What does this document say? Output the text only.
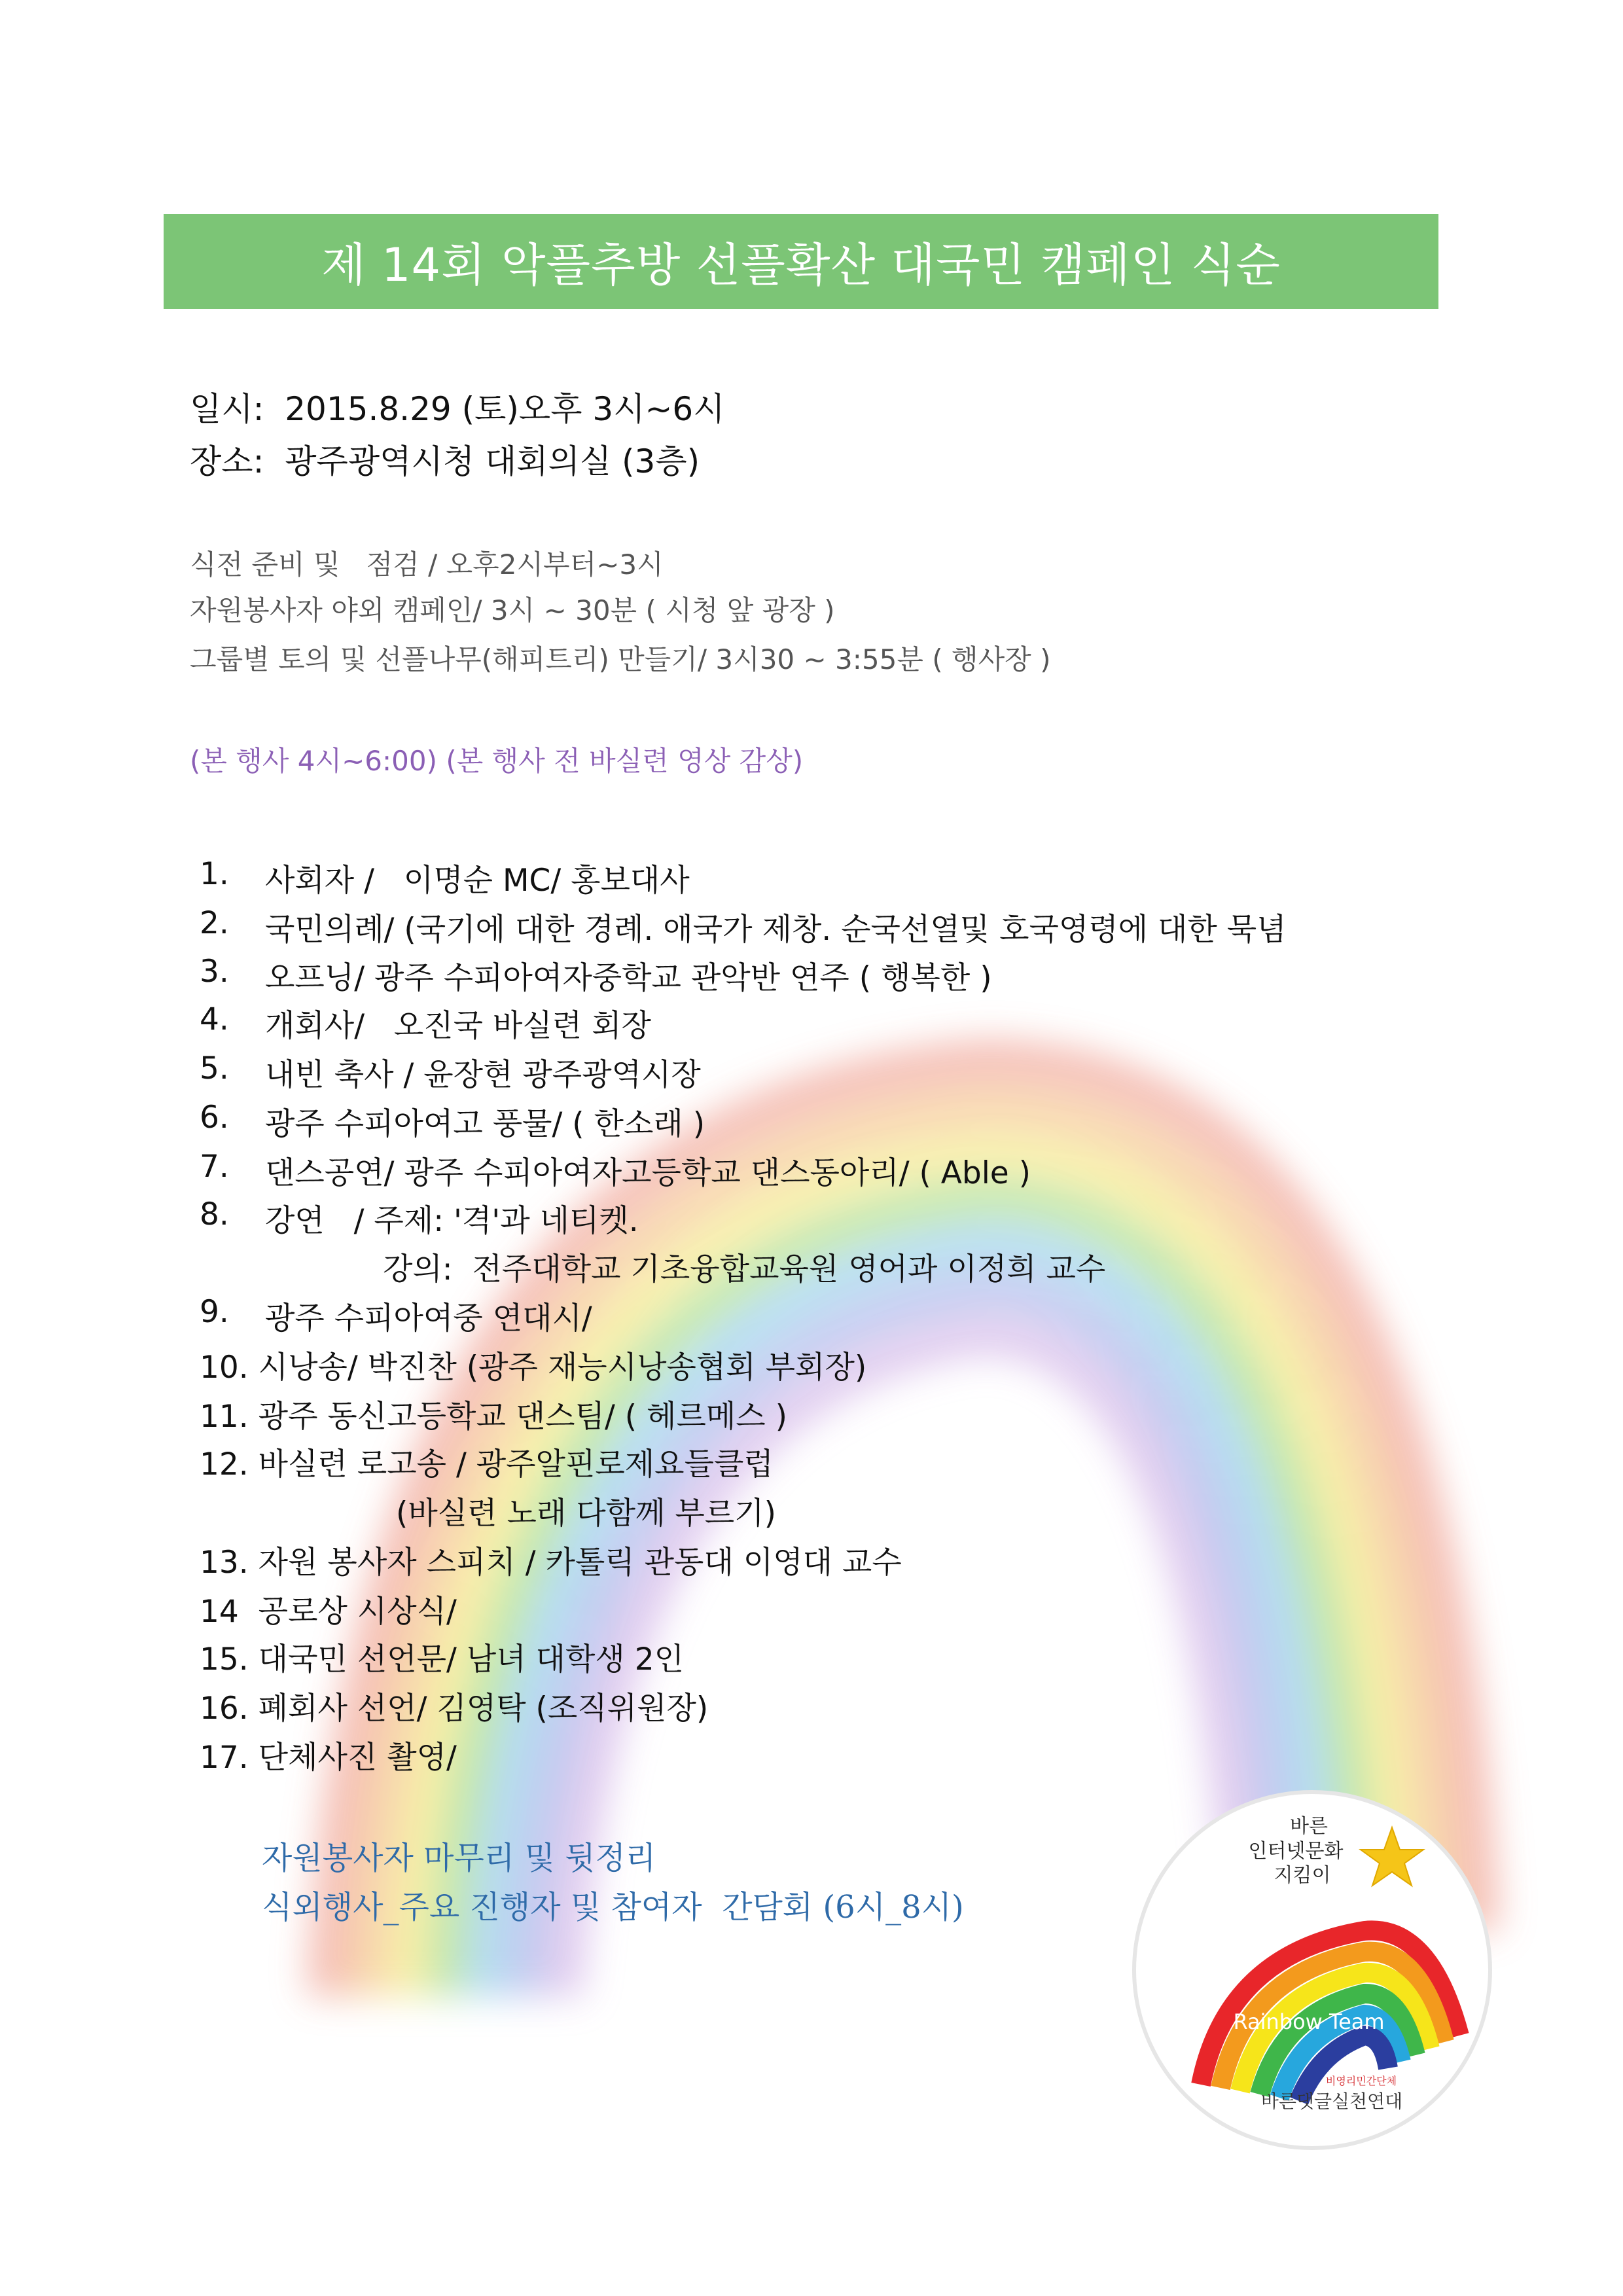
제 14회 악플추방 선플확산 대국민 캠페인 식순
일시:  2015.8.29 (토)오후 3시~6시
장소:  광주광역시청 대회의실 (3층)
식전 준비 및   점검 / 오후2시부터~3시
자원봉사자 야외 캠페인/ 3시 ~ 30분 ( 시청 앞 광장 )
그룹별 토의 및 선플나무(해피트리) 만들기/ 3시30 ~ 3:55분 ( 행사장 )
(본 행사 4시~6:00) (본 행사 전 바실련 영상 감상)
1. 사회자 /   이명순 MC/ 홍보대사
2. 국민의례/ (국기에 대한 경례. 애국가 제창. 순국선열및 호국영령에 대한 묵념
3. 오프닝/ 광주 수피아여자중학교 관악반 연주 ( 행복한 )
4. 개회사/   오진국 바실련 회장
5. 내빈 축사 / 윤장현 광주광역시장
6. 광주 수피아여고 풍물/ ( 한소래 )
7. 댄스공연/ 광주 수피아여자고등학교 댄스동아리/ ( Able )
8. 강연   / 주제: '격'과 네티켓.
강의:  전주대학교 기초융합교육원 영어과 이정희 교수
9. 광주 수피아여중 연대시/
10. 시낭송/ 박진찬 (광주 재능시낭송협회 부회장)
11. 광주 동신고등학교 댄스팀/ ( 헤르메스 )
12. 바실련 로고송 / 광주알핀로제요들클럽
(바실련 노래 다함께 부르기)
13. 자원 봉사자 스피치 / 카톨릭 관동대 이영대 교수
14  공로상 시상식/
15. 대국민 선언문/ 남녀 대학생 2인
16. 폐회사 선언/ 김영탁 (조직위원장)
17. 단체사진 촬영/
자원봉사자 마무리 및 뒷정리
식외행사_주요 진행자 및 참여자  간담회 (6시_8시)
바른
인터넷문화
지킴이
Rainbow Team
비영리민간단체
바른댓글실천연대
